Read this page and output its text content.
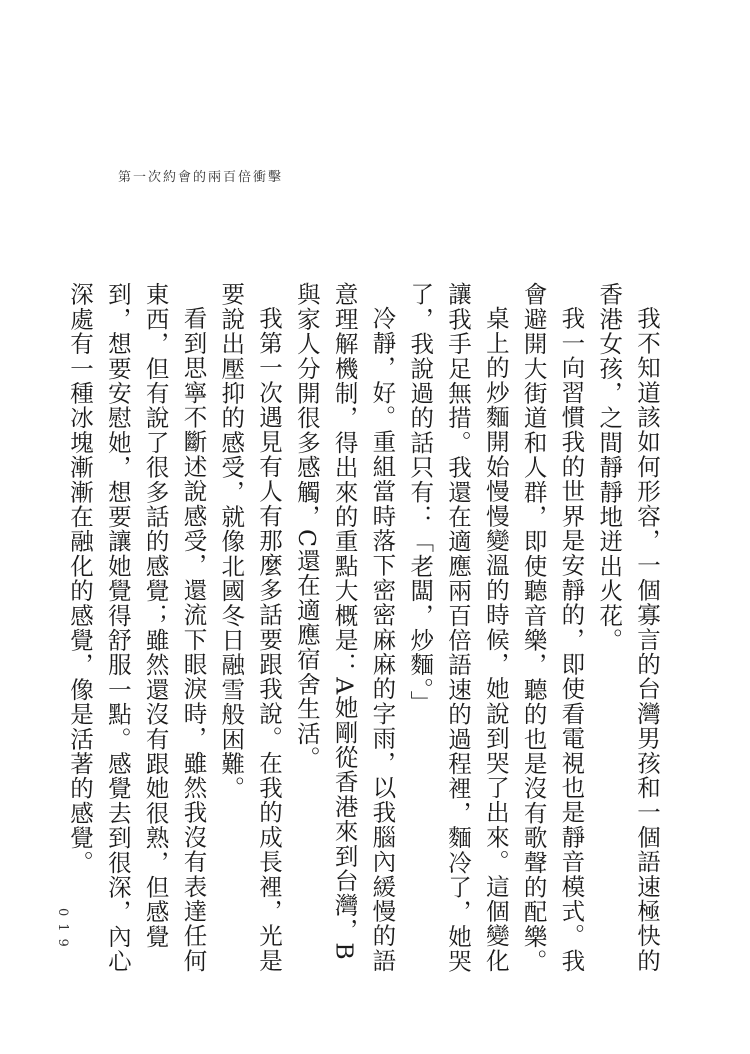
第一次約會的兩百倍衝擊

我不知道該如何形容，一個寡言的台灣男孩和一個語速極快的香港女孩，之間靜靜地迸出火花。

我一向習慣我的世界是安靜的，即使看電視也是靜音模式。我會避開大街道和人群，即使聽音樂，聽的也是沒有歌聲的配樂。

桌上的炒麵開始慢慢變溫的時候，她說到哭了出來。這個變化讓我手足無措。我還在適應兩百倍語速的過程裡，麵冷了，她哭了，我說過的話只有：「老闆，炒麵。」

冷靜，好。重組當時落下密密麻麻的字雨，以我腦內緩慢的語意理解機制，得出來的重點大概是：A她剛從香港來到台灣，B與家人分開很多感觸，C還在適應宿舍生活。

我第一次遇見有人有那麼多話要跟我說。在我的成長裡，光是要說出壓抑的感受，就像北國冬日融雪般困難。

看到思寧不斷述說感受，還流下眼淚時，雖然我沒有表達任何東西，但有說了很多話的感覺；雖然還沒有跟她很熟，但感覺到，想要安慰她，想要讓她覺得舒服一點。感覺去到很深，內心深處有一種冰塊漸漸在融化的感覺，像是活著的感覺。

019
